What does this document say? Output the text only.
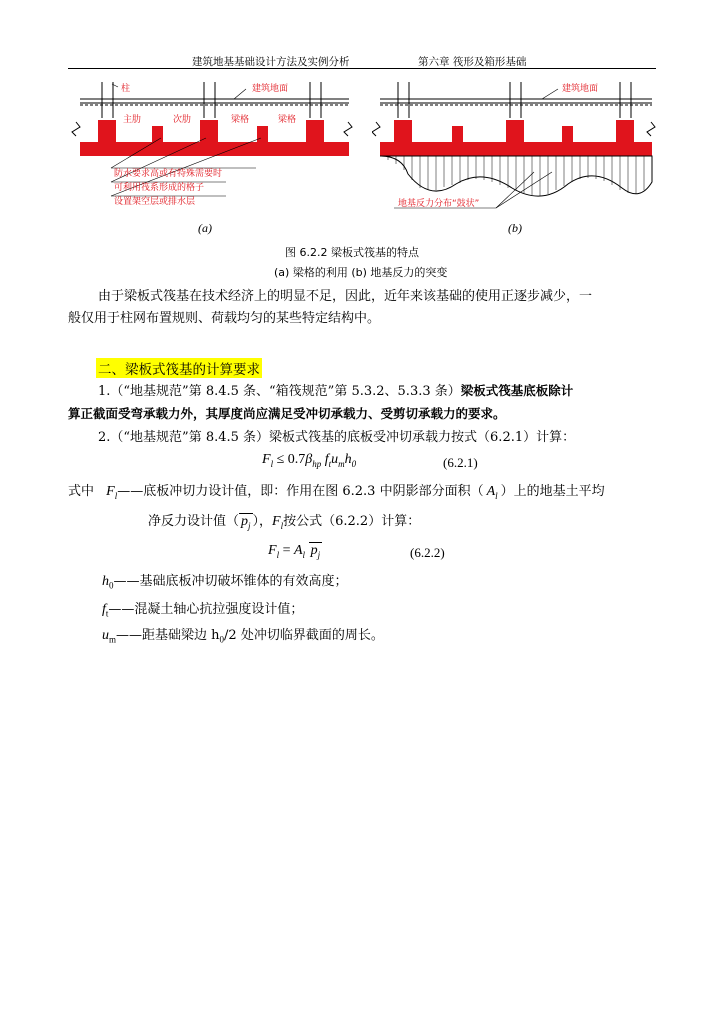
建筑地基基础设计方法及实例分析	第六章 筏形及箱形基础
柱
主肋	次肋	梁格	梁格
建筑地面
防水要求高或有特殊需要时
可利用筏系形成的格子
设置架空层或排水层
(a)
建筑地面
地基反力分布“鼓状”
(b)
图 6.2.2 梁板式筏基的特点
(a) 梁格的利用 (b) 地基反力的突变
由于梁板式筏基在技术经济上的明显不足，因此，近年来该基础的使用正逐步减少，一
般仅用于柱网布置规则、荷载均匀的某些特定结构中。
二、梁板式筏基的计算要求
1.（“地基规范”第 8.4.5 条、“箱筏规范”第 5.3.2、5.3.3 条）梁板式筏基底板除计
算正截面受弯承载力外，其厚度尚应满足受冲切承载力、受剪切承载力的要求。
2.（“地基规范”第 8.4.5 条）梁板式筏基的底板受冲切承载力按式（6.2.1）计算：
$F_l \le 0.7\beta_{hp}$ $f_tu_mh_0$	(6.2.1)
式中 $F_l——$底板冲切力设计值，即：作用在图 6.2.3 中阴影部分面积（ $A_l$ ）上的地基土平均
净反力设计值（ $p_j$ ），$F_l$按公式（6.2.2）计算：
$F_l = A_l$ $p_j$	(6.2.2)
$h_0——$基础底板冲切破坏锥体的有效高度；
$f_t——$混凝土轴心抗拉强度设计值；
$u_m——$距基础梁边 $h_0/2$ 处冲切临界截面的周长。
